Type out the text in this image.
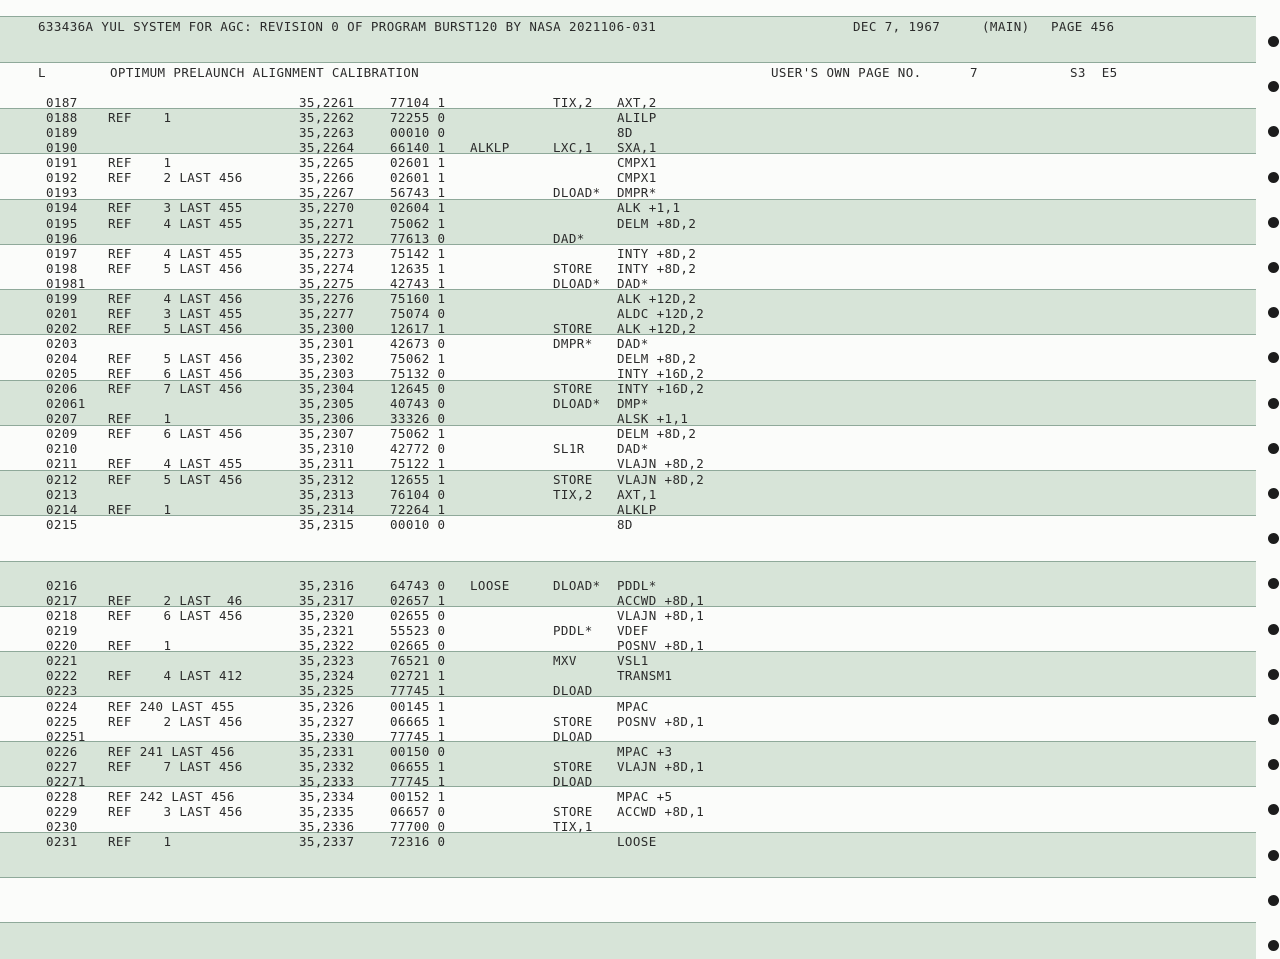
633436A YUL SYSTEM FOR AGC: REVISION 0 OF PROGRAM BURST120 BY NASA 2021106-031	DEC 7, 1967	(MAIN) PAGE 456
L	OPTIMUM PRELAUNCH ALIGNMENT CALIBRATION	USER'S OWN PAGE NO.	7	S3  E5
0187	35,2261	77104 1	TIX,2 AXT,2
0188 REF    1	35,2262	72255 0	ALILP
0189	35,2263	00010 0	8D
0190	35,2264	66140 1 ALKLP	LXC,1 SXA,1
0191 REF    1	35,2265	02601 1	CMPX1
0192 REF    2 LAST 456	35,2266	02601 1	CMPX1
0193	35,2267	56743 1	DLOAD* DMPR*
0194 REF    3 LAST 455	35,2270	02604 1	ALK +1,1
0195 REF    4 LAST 455	35,2271	75062 1	DELM +8D,2
0196	35,2272	77613 0	DAD*
0197 REF    4 LAST 455	35,2273	75142 1	INTY +8D,2
0198 REF    5 LAST 456	35,2274	12635 1	STORE INTY +8D,2
01981	35,2275	42743 1	DLOAD* DAD*
0199 REF    4 LAST 456	35,2276	75160 1	ALK +12D,2
0201 REF    3 LAST 455	35,2277	75074 0	ALDC +12D,2
0202 REF    5 LAST 456	35,2300	12617 1	STORE ALK +12D,2
0203	35,2301	42673 0	DMPR* DAD*
0204 REF    5 LAST 456	35,2302	75062 1	DELM +8D,2
0205 REF    6 LAST 456	35,2303	75132 0	INTY +16D,2
0206 REF    7 LAST 456	35,2304	12645 0	STORE INTY +16D,2
02061	35,2305	40743 0	DLOAD* DMP*
0207 REF    1	35,2306	33326 0	ALSK +1,1
0209 REF    6 LAST 456	35,2307	75062 1	DELM +8D,2
0210	35,2310	42772 0	SL1R	DAD*
0211 REF    4 LAST 455	35,2311	75122 1	VLAJN +8D,2
0212 REF    5 LAST 456	35,2312	12655 1	STORE VLAJN +8D,2
0213	35,2313	76104 0	TIX,2 AXT,1
0214 REF    1	35,2314	72264 1	ALKLP
0215	35,2315	00010 0	8D
0216	35,2316	64743 0 LOOSE	DLOAD* PDDL*
0217 REF    2 LAST  46	35,2317	02657 1	ACCWD +8D,1
0218 REF    6 LAST 456	35,2320	02655 0	VLAJN +8D,1
0219	35,2321	55523 0	PDDL* VDEF
0220 REF    1	35,2322	02665 0	POSNV +8D,1
0221	35,2323	76521 0	MXV	VSL1
0222 REF    4 LAST 412	35,2324	02721 1	TRANSM1
0223	35,2325	77745 1	DLOAD
0224 REF 240 LAST 455	35,2326	00145 1	MPAC
0225 REF    2 LAST 456	35,2327	06665 1	STORE POSNV +8D,1
02251	35,2330	77745 1	DLOAD
0226 REF 241 LAST 456	35,2331	00150 0	MPAC +3
0227 REF    7 LAST 456	35,2332	06655 1	STORE VLAJN +8D,1
02271	35,2333	77745 1	DLOAD
0228 REF 242 LAST 456	35,2334	00152 1	MPAC +5
0229 REF    3 LAST 456	35,2335	06657 0	STORE ACCWD +8D,1
0230	35,2336	77700 0	TIX,1
0231 REF    1	35,2337	72316 0	LOOSE
